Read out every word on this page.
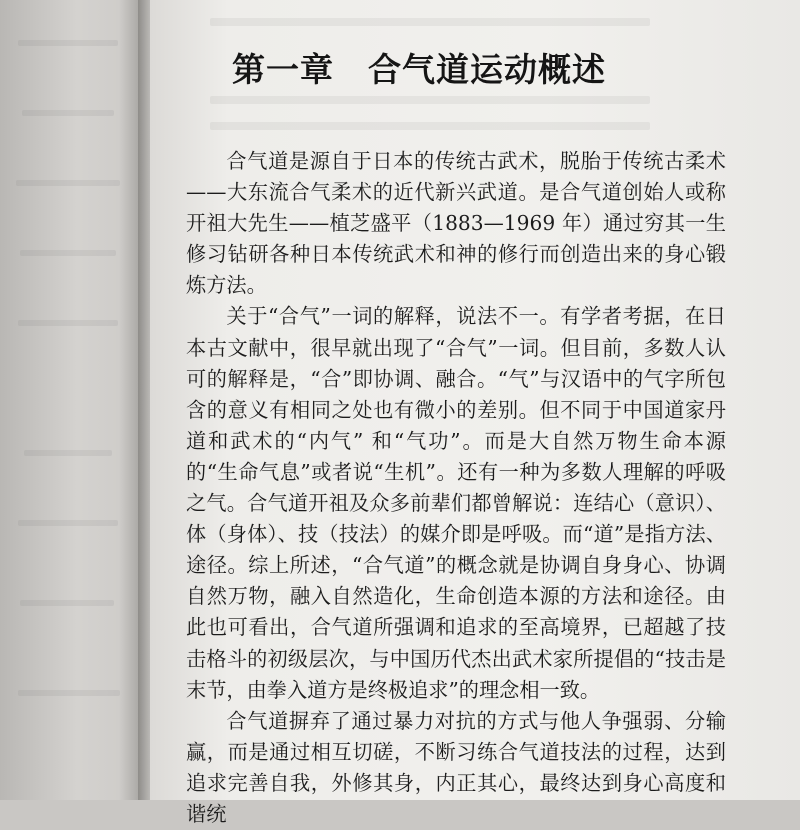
第一章 合气道运动概述

合气道是源自于日本的传统古武术，脱胎于传统古柔术——大东流合气柔术的近代新兴武道。是合气道创始人或称开祖大先生——植芝盛平（1883—1969 年）通过穷其一生修习钻研各种日本传统武术和神的修行而创造出来的身心锻炼方法。

关于“合气”一词的解释，说法不一。有学者考据，在日本古文献中，很早就出现了“合气”一词。但目前，多数人认可的解释是，“合”即协调、融合。“气”与汉语中的气字所包含的意义有相同之处也有微小的差别。但不同于中国道家丹道和武术的“内气” 和“气功”。而是大自然万物生命本源的“生命气息”或者说“生机”。还有一种为多数人理解的呼吸之气。合气道开祖及众多前辈们都曾解说：连结心（意识）、体（身体）、技（技法）的媒介即是呼吸。而“道”是指方法、途径。综上所述，“合气道”的概念就是协调自身身心、协调自然万物，融入自然造化，生命创造本源的方法和途径。由此也可看出，合气道所强调和追求的至高境界，已超越了技击格斗的初级层次，与中国历代杰出武术家所提倡的“技击是末节，由拳入道方是终极追求”的理念相一致。

合气道摒弃了通过暴力对抗的方式与他人争强弱、分输赢，而是通过相互切磋，不断习练合气道技法的过程，达到追求完善自我，外修其身，内正其心，最终达到身心高度和谐统
